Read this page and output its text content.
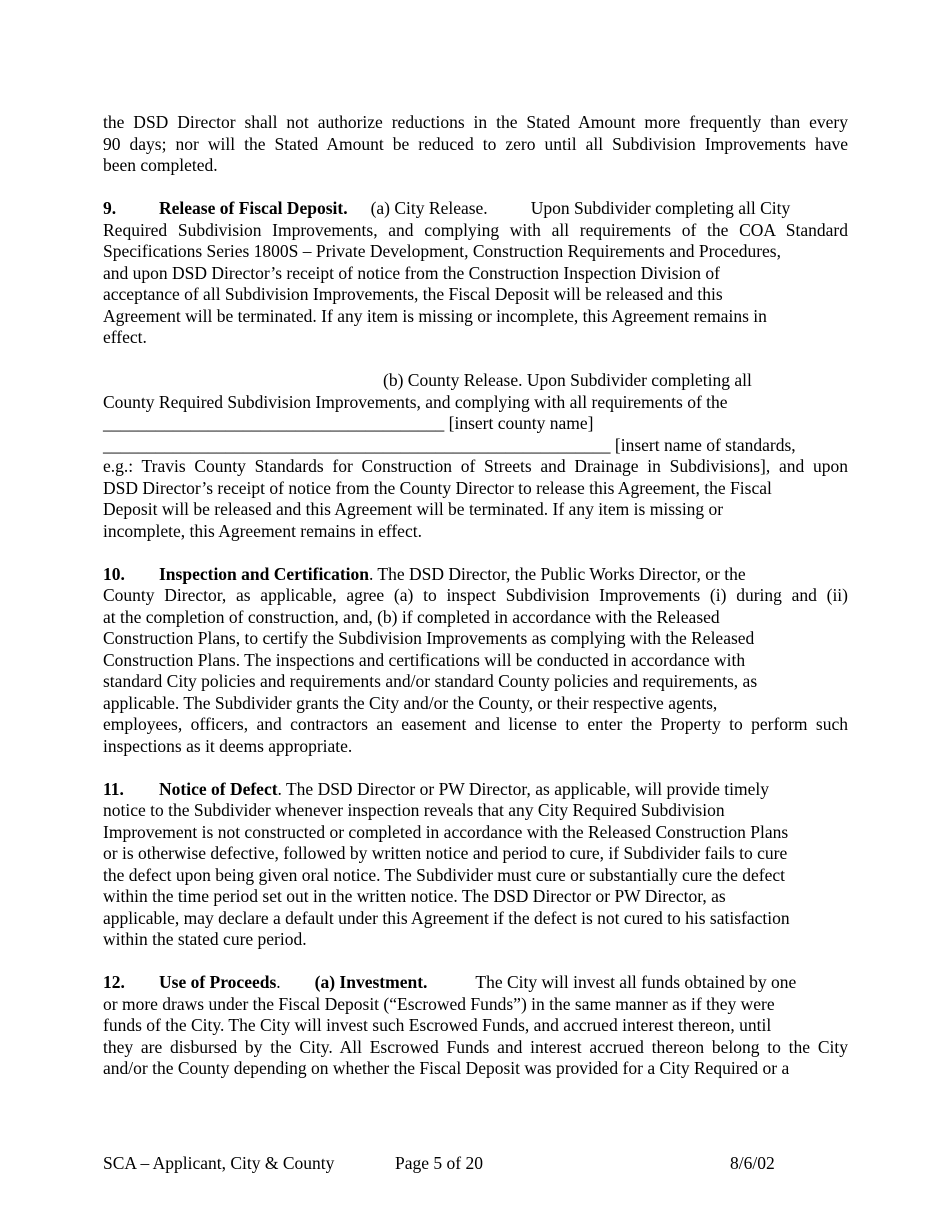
the DSD Director shall not authorize reductions in the Stated Amount more frequently than every
90 days; nor will the Stated Amount be reduced to zero until all Subdivision Improvements have
been completed.
9. Release of Fiscal Deposit. (a) City Release. Upon Subdivider completing all City
Required Subdivision Improvements, and complying with all requirements of the COA Standard
Specifications Series 1800S – Private Development, Construction Requirements and Procedures,
and upon DSD Director’s receipt of notice from the Construction Inspection Division of
acceptance of all Subdivision Improvements, the Fiscal Deposit will be released and this
Agreement will be terminated. If any item is missing or incomplete, this Agreement remains in
effect.
(b) County Release. Upon Subdivider completing all
County Required Subdivision Improvements, and complying with all requirements of the
_______________________________________ [insert county name]
__________________________________________________________ [insert name of standards,
e.g.: Travis County Standards for Construction of Streets and Drainage in Subdivisions], and upon
DSD Director’s receipt of notice from the County Director to release this Agreement, the Fiscal
Deposit will be released and this Agreement will be terminated. If any item is missing or
incomplete, this Agreement remains in effect.
10. Inspection and Certification. The DSD Director, the Public Works Director, or the
County Director, as applicable, agree (a) to inspect Subdivision Improvements (i) during and (ii)
at the completion of construction, and, (b) if completed in accordance with the Released
Construction Plans, to certify the Subdivision Improvements as complying with the Released
Construction Plans. The inspections and certifications will be conducted in accordance with
standard City policies and requirements and/or standard County policies and requirements, as
applicable. The Subdivider grants the City and/or the County, or their respective agents,
employees, officers, and contractors an easement and license to enter the Property to perform such
inspections as it deems appropriate.
11. Notice of Defect. The DSD Director or PW Director, as applicable, will provide timely
notice to the Subdivider whenever inspection reveals that any City Required Subdivision
Improvement is not constructed or completed in accordance with the Released Construction Plans
or is otherwise defective, followed by written notice and period to cure, if Subdivider fails to cure
the defect upon being given oral notice. The Subdivider must cure or substantially cure the defect
within the time period set out in the written notice. The DSD Director or PW Director, as
applicable, may declare a default under this Agreement if the defect is not cured to his satisfaction
within the stated cure period.
12. Use of Proceeds. (a) Investment.	The City will invest all funds obtained by one
or more draws under the Fiscal Deposit (“Escrowed Funds”) in the same manner as if they were
funds of the City. The City will invest such Escrowed Funds, and accrued interest thereon, until
they are disbursed by the City. All Escrowed Funds and interest accrued thereon belong to the City
and/or the County depending on whether the Fiscal Deposit was provided for a City Required or a
SCA – Applicant, City & County	Page 5 of 20	8/6/02
